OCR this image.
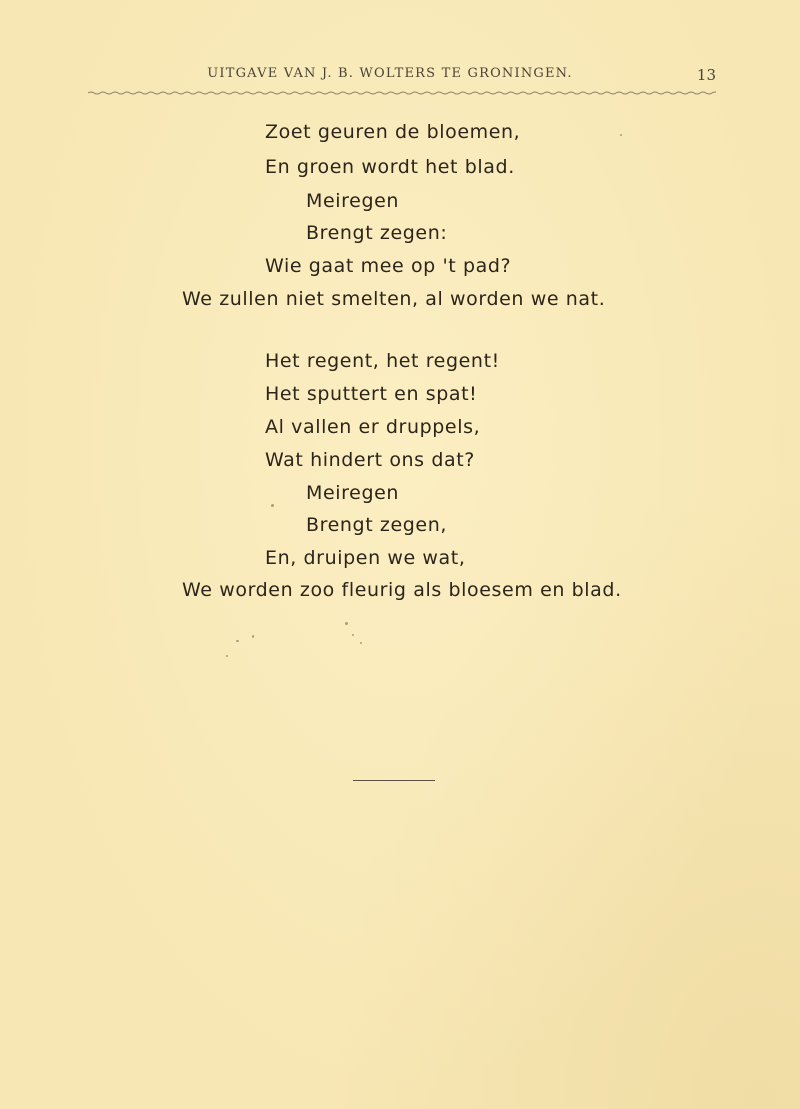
UITGAVE VAN J. B. WOLTERS TE GRONINGEN.	13
Zoet geuren de bloemen,
En groen wordt het blad.
Meiregen
Brengt zegen:
Wie gaat mee op 't pad?
We zullen niet smelten, al worden we nat.
Het regent, het regent!
Het sputtert en spat!
Al vallen er druppels,
Wat hindert ons dat?
Meiregen
Brengt zegen,
En, druipen we wat,
We worden zoo fleurig als bloesem en blad.
